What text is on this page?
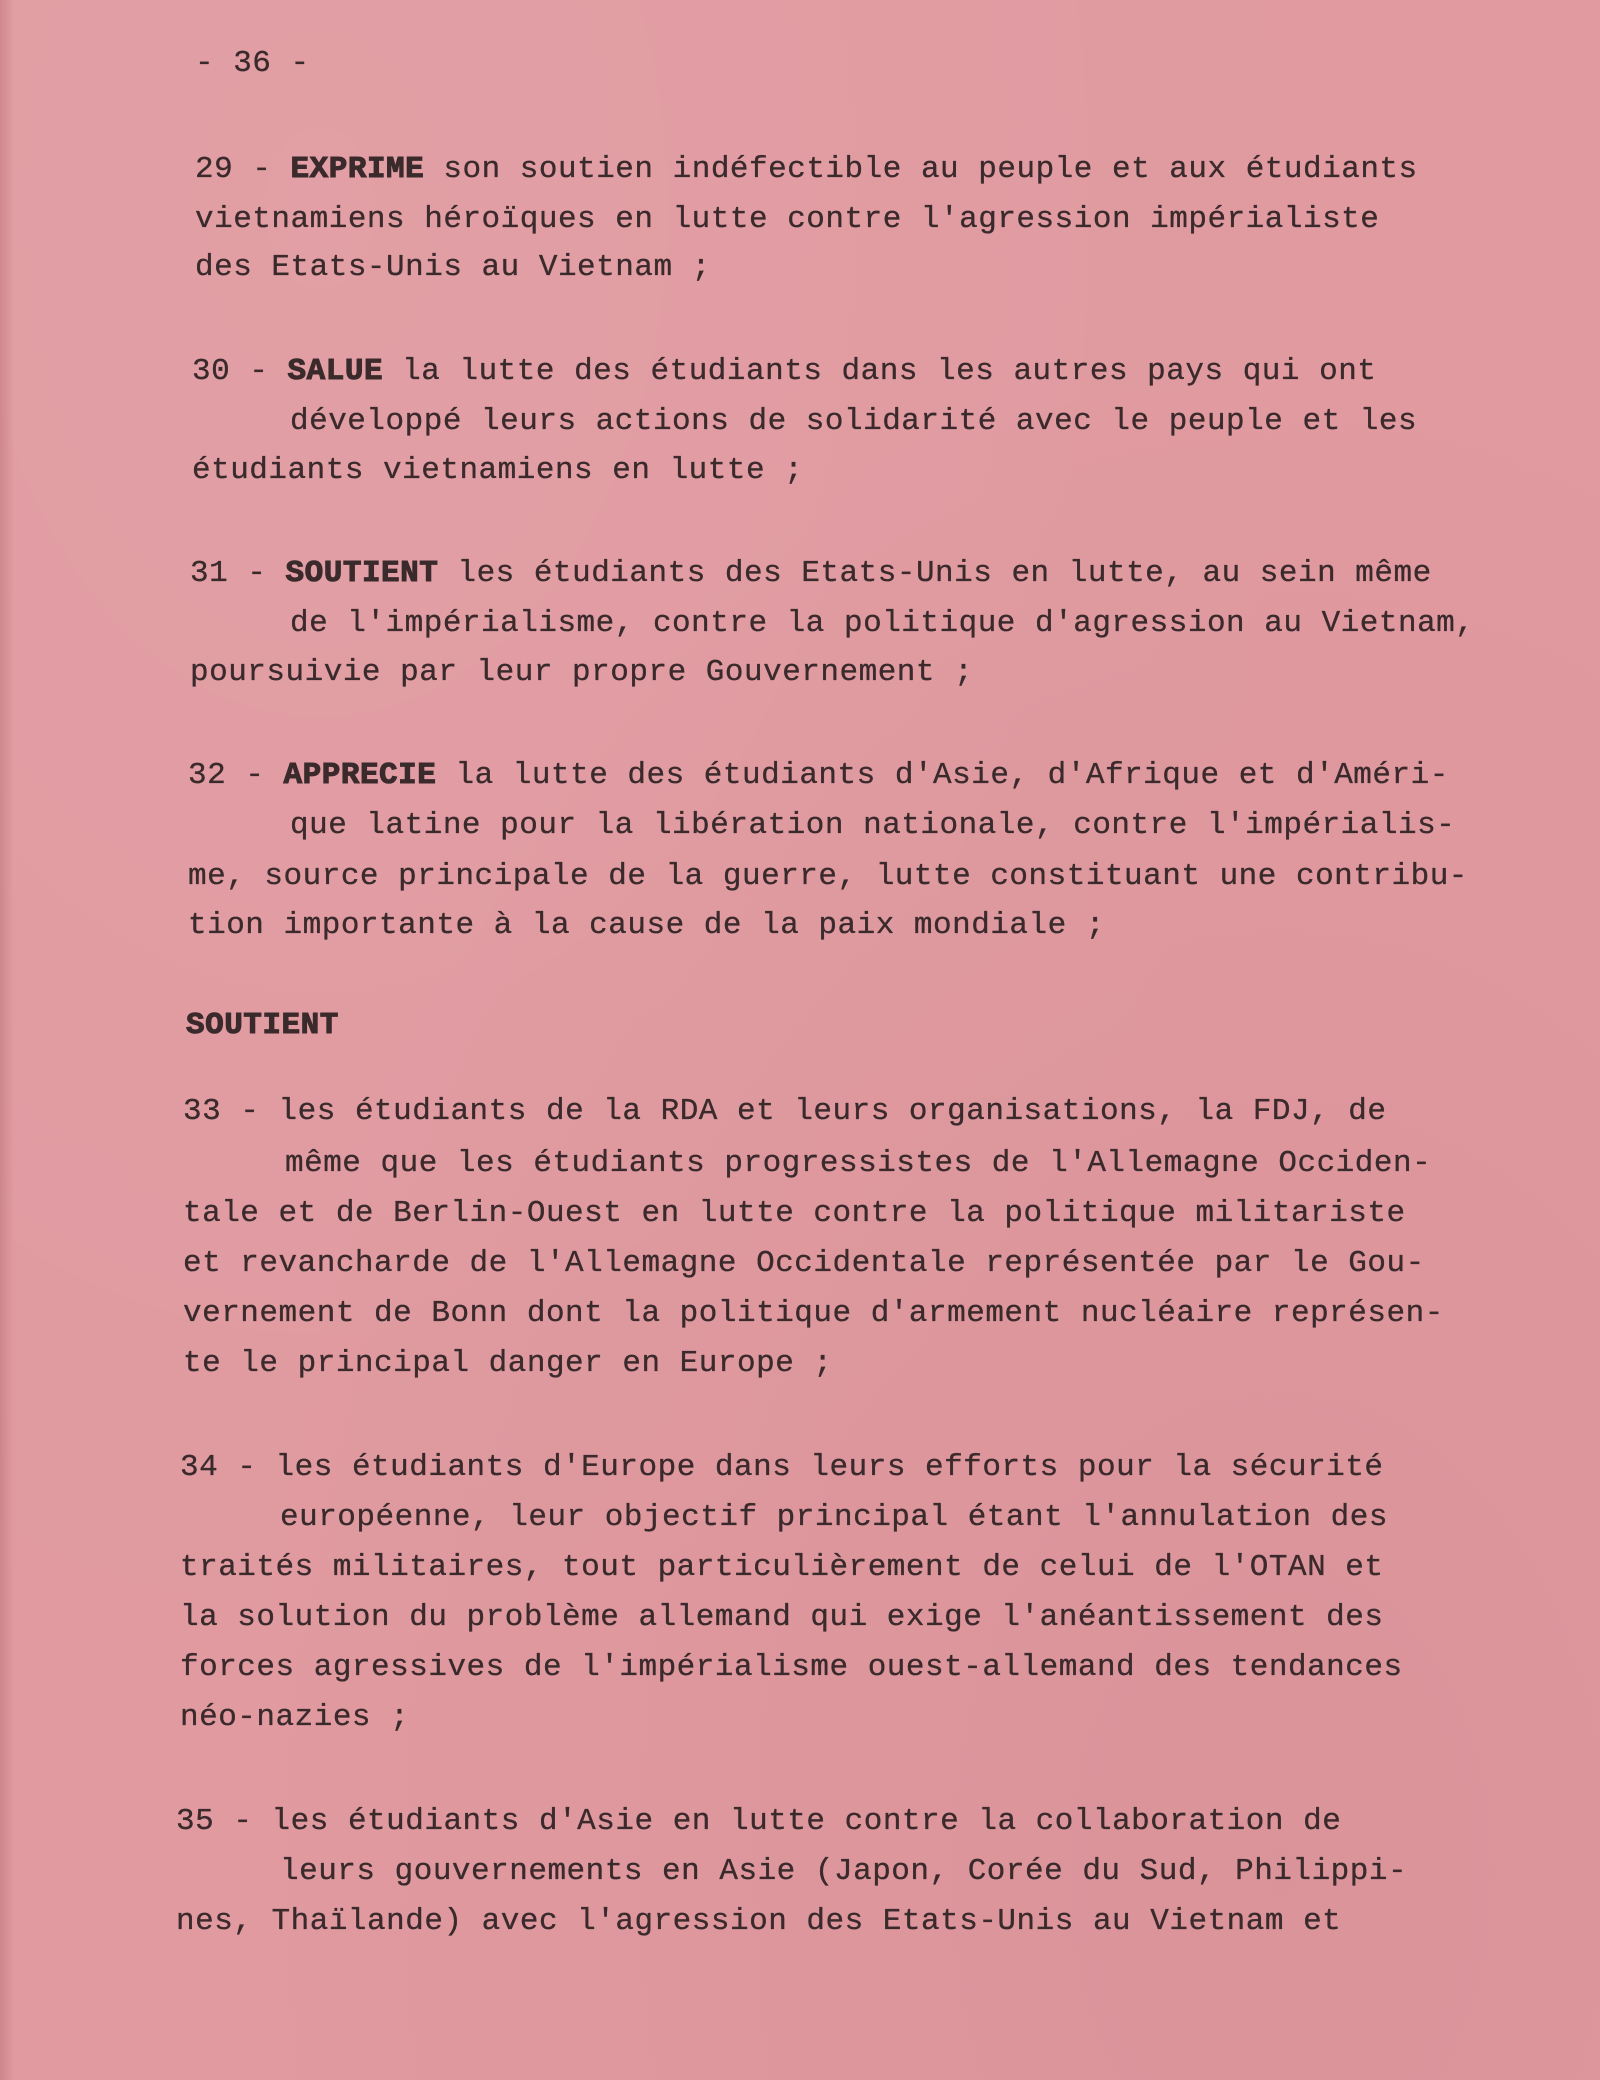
- 36 -
29 - EXPRIME son soutien indéfectible au peuple et aux étudiants
vietnamiens héroïques en lutte contre l'agression impérialiste
des Etats-Unis au Vietnam ;
30 - SALUE la lutte des étudiants dans les autres pays qui ont
développé leurs actions de solidarité avec le peuple et les
étudiants vietnamiens en lutte ;
31 - SOUTIENT les étudiants des Etats-Unis en lutte, au sein même
de l'impérialisme, contre la politique d'agression au Vietnam,
poursuivie par leur propre Gouvernement ;
32 - APPRECIE la lutte des étudiants d'Asie, d'Afrique et d'Améri-
que latine pour la libération nationale, contre l'impérialis-
me, source principale de la guerre, lutte constituant une contribu-
tion importante à la cause de la paix mondiale ;
SOUTIENT
33 - les étudiants de la RDA et leurs organisations, la FDJ, de
même que les étudiants progressistes de l'Allemagne Occiden-
tale et de Berlin-Ouest en lutte contre la politique militariste
et revancharde de l'Allemagne Occidentale représentée par le Gou-
vernement de Bonn dont la politique d'armement nucléaire représen-
te le principal danger en Europe ;
34 - les étudiants d'Europe dans leurs efforts pour la sécurité
européenne, leur objectif principal étant l'annulation des
traités militaires, tout particulièrement de celui de l'OTAN et
la solution du problème allemand qui exige l'anéantissement des
forces agressives de l'impérialisme ouest-allemand des tendances
néo-nazies ;
35 - les étudiants d'Asie en lutte contre la collaboration de
leurs gouvernements en Asie (Japon, Corée du Sud, Philippi-
nes, Thaïlande) avec l'agression des Etats-Unis au Vietnam et
